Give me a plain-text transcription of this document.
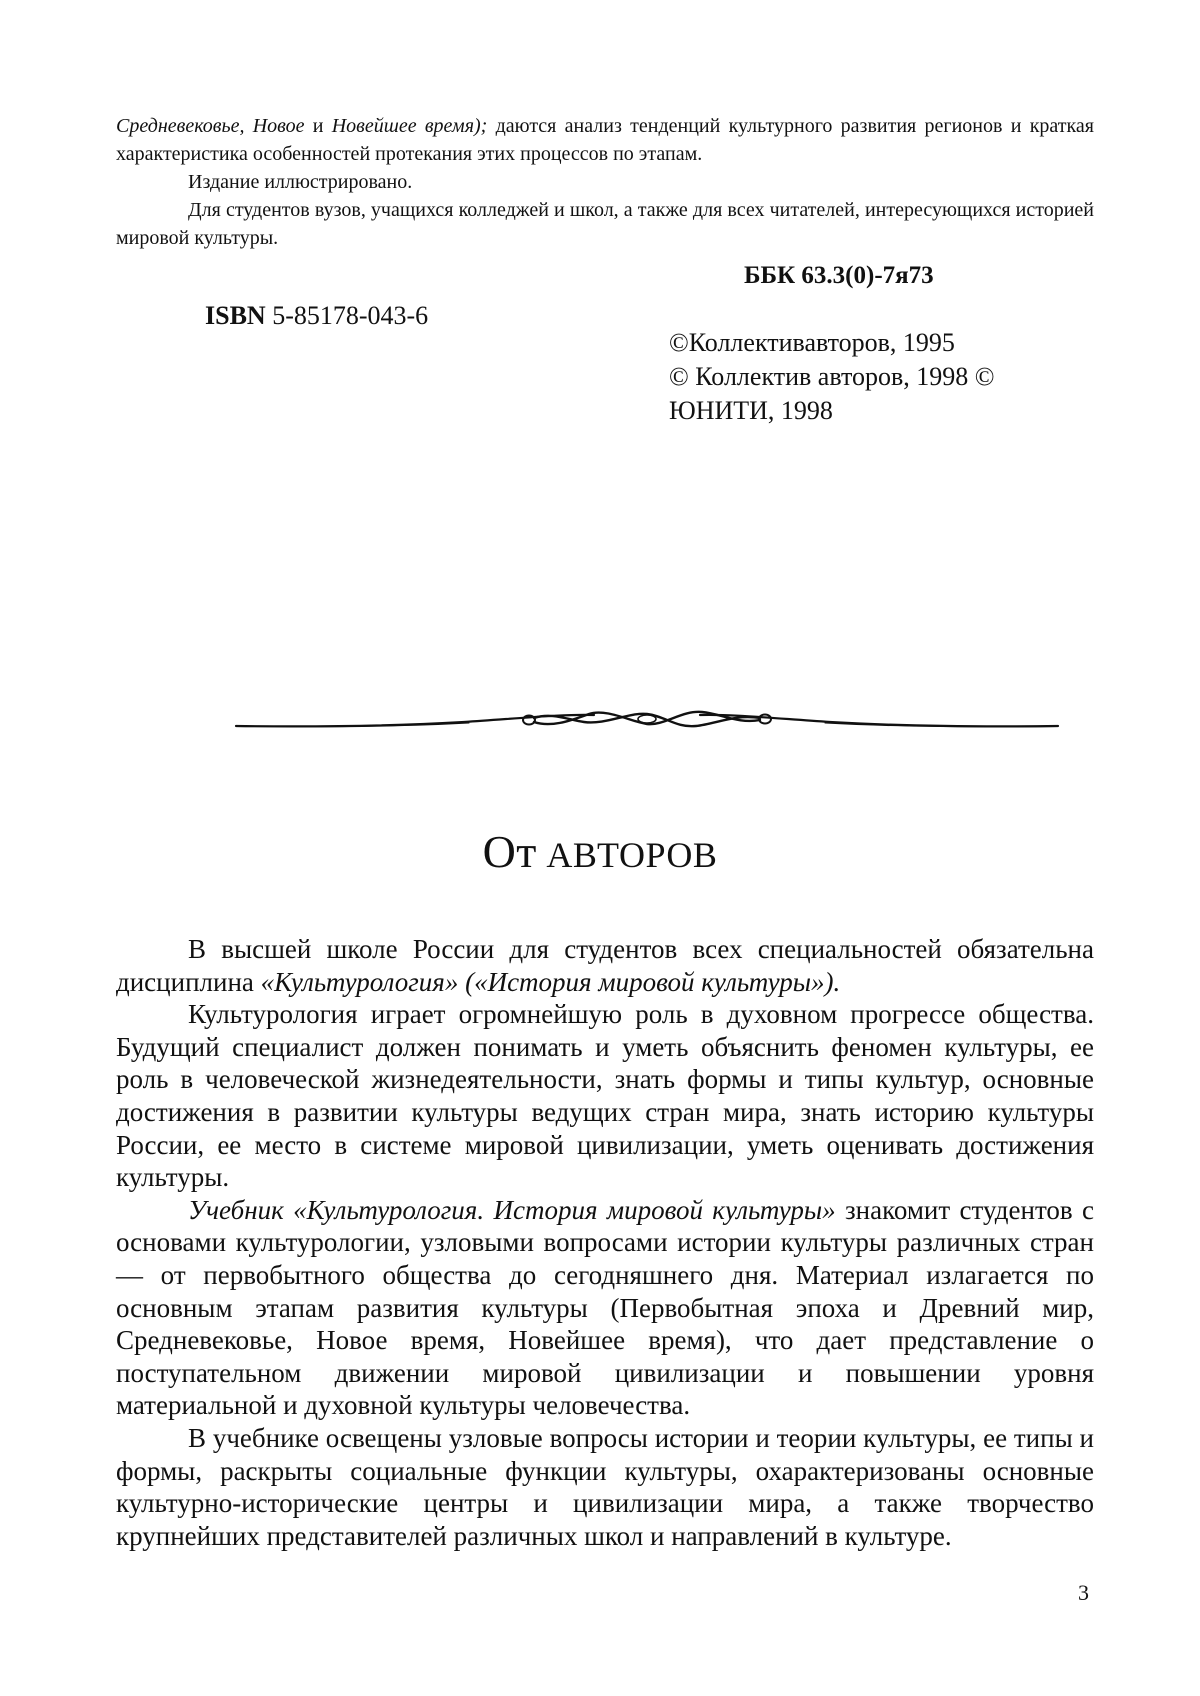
Средневековье, Новое и Новейшее время); даются анализ тенденций культурного развития регионов и краткая характеристика особенностей протекания этих процессов по этапам.

Издание иллюстрировано.

Для студентов вузов, учащихся колледжей и школ, а также для всех читателей, интересующихся историей мировой культуры.

ББК 63.3(0)-7я73
ISBN 5-85178-043-6
©Коллективавторов, 1995
© Коллектив авторов, 1998 ©
ЮНИТИ, 1998
От АВТОРОВ

В высшей школе России для студентов всех специальностей обязательна дисциплина «Культурология» («История мировой культуры»).

Культурология играет огромнейшую роль в духовном прогрессе общества. Будущий специалист должен понимать и уметь объяснить феномен культуры, ее роль в человеческой жизнедеятельности, знать формы и типы культур, основные достижения в развитии культуры ведущих стран мира, знать историю культуры России, ее место в системе мировой цивилизации, уметь оценивать достижения культуры.

Учебник «Культурология. История мировой культуры» знакомит студентов с основами культурологии, узловыми вопросами истории культуры различных стран — от первобытного общества до сегодняшнего дня. Материал излагается по основным этапам развития культуры (Первобытная эпоха и Древний мир, Средневековье, Новое время, Новейшее время), что дает представление о поступательном движении мировой цивилизации и повышении уровня материальной и духовной культуры человечества.

В учебнике освещены узловые вопросы истории и теории культуры, ее типы и формы, раскрыты социальные функции культуры, охарактеризованы основные культурно-исторические центры и цивилизации мира, а также творчество крупнейших представителей различных школ и направлений в культуре.

3
